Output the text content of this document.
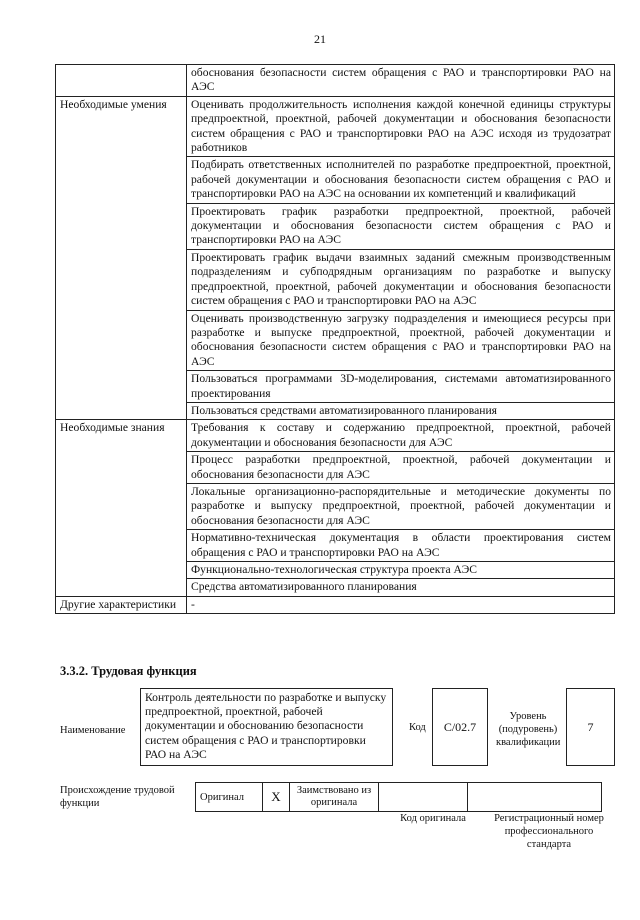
21
	обоснования безопасности систем обращения с РАО и транспортировки РАО на АЭС
Необходимые умения	Оценивать продолжительность исполнения каждой конечной единицы структуры предпроектной, проектной, рабочей документации и обоснования безопасности систем обращения с РАО и транспортировки РАО на АЭС исходя из трудозатрат работников
	Подбирать ответственных исполнителей по разработке предпроектной, проектной, рабочей документации и обоснования безопасности систем обращения с РАО и транспортировки РАО на АЭС на основании их компетенций и квалификаций
	Проектировать график разработки предпроектной, проектной, рабочей документации и обоснования безопасности систем обращения с РАО и транспортировки РАО на АЭС
	Проектировать график выдачи взаимных заданий смежным производственным подразделениям и субподрядным организациям по разработке и выпуску предпроектной, проектной, рабочей документации и обоснования безопасности систем обращения с РАО и транспортировки РАО на АЭС
	Оценивать производственную загрузку подразделения и имеющиеся ресурсы при разработке и выпуске предпроектной, проектной, рабочей документации и обоснования безопасности систем обращения с РАО и транспортировки РАО на АЭС
	Пользоваться программами 3D-моделирования, системами автоматизированного проектирования
	Пользоваться средствами автоматизированного планирования
Необходимые знания	Требования к составу и содержанию предпроектной, проектной, рабочей документации и обоснования безопасности для АЭС
	Процесс разработки предпроектной, проектной, рабочей документации и обоснования безопасности для АЭС
	Локальные организационно-распорядительные и методические документы по разработке и выпуску предпроектной, проектной, рабочей документации и обоснования безопасности для АЭС
	Нормативно-техническая документация в области проектирования систем обращения с РАО и транспортировки РАО на АЭС
	Функционально-технологическая структура проекта АЭС
	Средства автоматизированного планирования
Другие характеристики	-
3.3.2. Трудовая функция
Наименование
Контроль деятельности по разработке и выпуску предпроектной, проектной, рабочей документации и обоснованию безопасности систем обращения с РАО и транспортировки РАО на АЭС
Код	C/02.7
Уровень (подуровень) квалификации
7
Происхождение трудовой функции
Оригинал	X	Заимствовано из оригинала		
Код оригинала	Регистрационный номер профессионального стандарта
